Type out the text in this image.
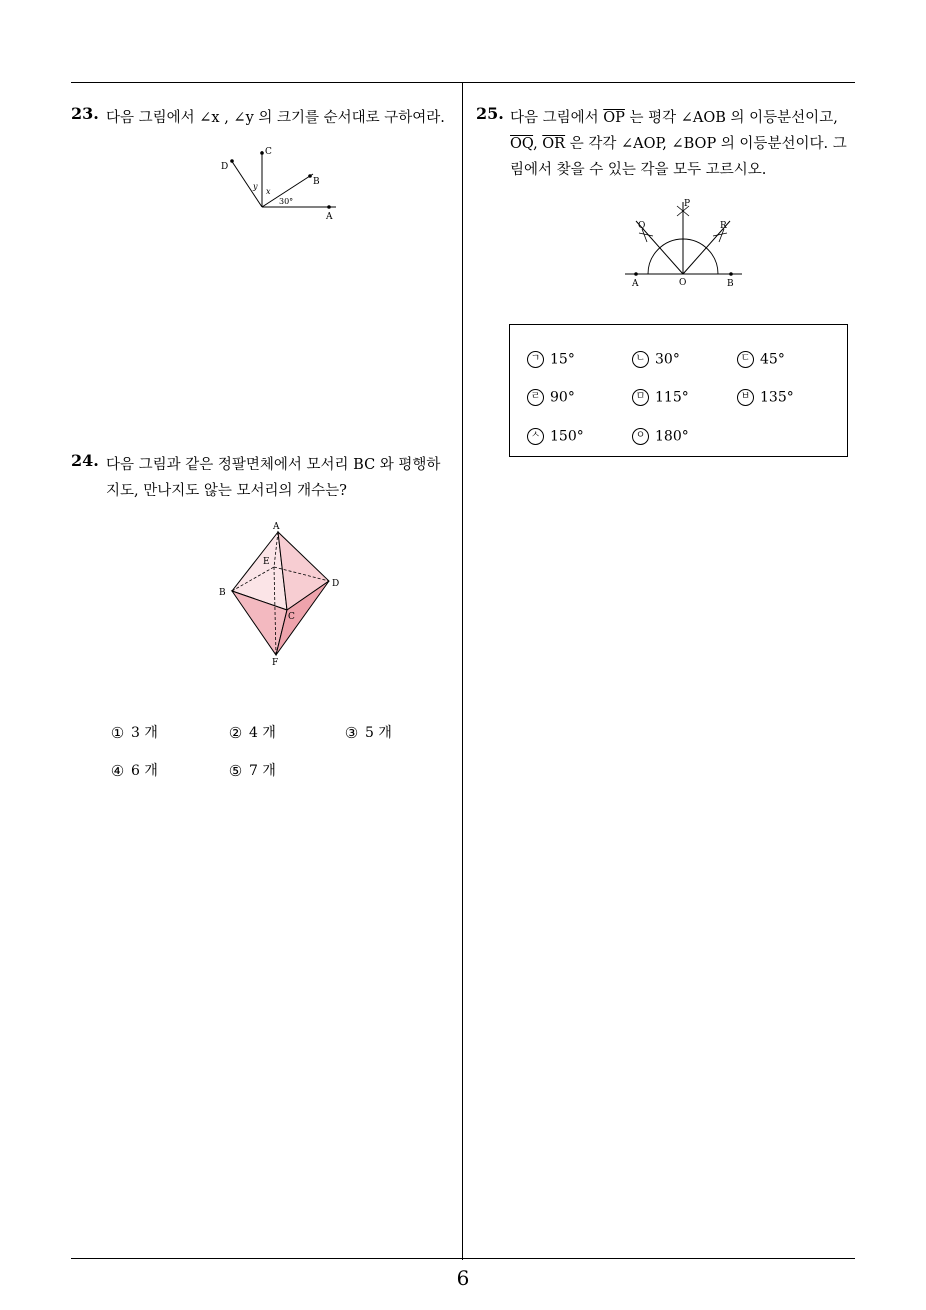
23. 다음 그림에서 ∠x , ∠y 의 크기를 순서대로 구하여라.
D
C
B
A
y
x
30°
24. 다음 그림과 같은 정팔면체에서 모서리 BC 와 평행하
지도, 만나지도 않는 모서리의 개수는?
A
E
D
B
C
F
① 3 개	② 4 개	③ 5 개
④ 6 개	⑤ 7 개
25. 다음 그림에서 $\overline{OP}$ 는 평각 ∠AOB 의 이등분선이고,
$\overline{OQ}$, $\overline{OR}$ 은 각각 ∠AOP, ∠BOP 의 이등분선이다. 그
림에서 찾을 수 있는 각을 모두 고르시오.
P
Q	R
A	O	B
ㄱ 15°	ㄴ 30°	ㄷ 45°
ㄹ 90°	ㅁ 115°	ㅂ 135°
ㅅ 150°	ㅇ 180°
6
